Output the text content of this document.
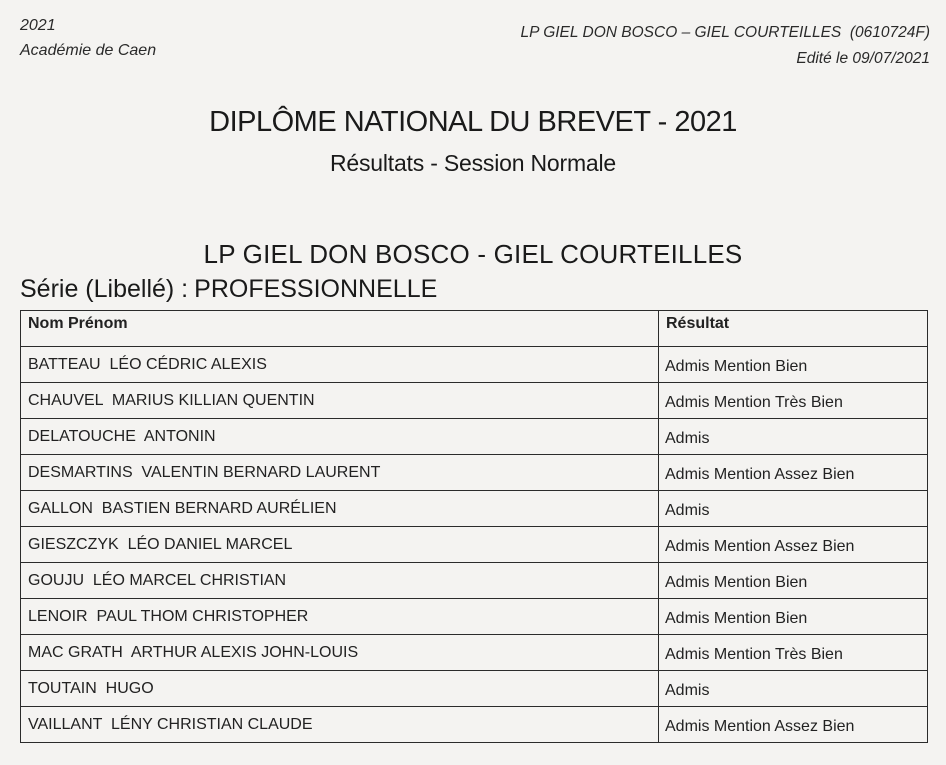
2021
Académie de Caen
LP GIEL DON BOSCO – GIEL COURTEILLES  (0610724F)
Edité le 09/07/2021
DIPLÔME NATIONAL DU BREVET - 2021
Résultats - Session Normale
LP GIEL DON BOSCO - GIEL COURTEILLES
Série (Libellé) : PROFESSIONNELLE
Nom Prénom	Résultat
BATTEAU  LÉO CÉDRIC ALEXIS	Admis Mention Bien
CHAUVEL  MARIUS KILLIAN QUENTIN	Admis Mention Très Bien
DELATOUCHE  ANTONIN	Admis
DESMARTINS  VALENTIN BERNARD LAURENT	Admis Mention Assez Bien
GALLON  BASTIEN BERNARD AURÉLIEN	Admis
GIESZCZYK  LÉO DANIEL MARCEL	Admis Mention Assez Bien
GOUJU  LÉO MARCEL CHRISTIAN	Admis Mention Bien
LENOIR  PAUL THOM CHRISTOPHER	Admis Mention Bien
MAC GRATH  ARTHUR ALEXIS JOHN-LOUIS	Admis Mention Très Bien
TOUTAIN  HUGO	Admis
VAILLANT  LÉNY CHRISTIAN CLAUDE	Admis Mention Assez Bien
